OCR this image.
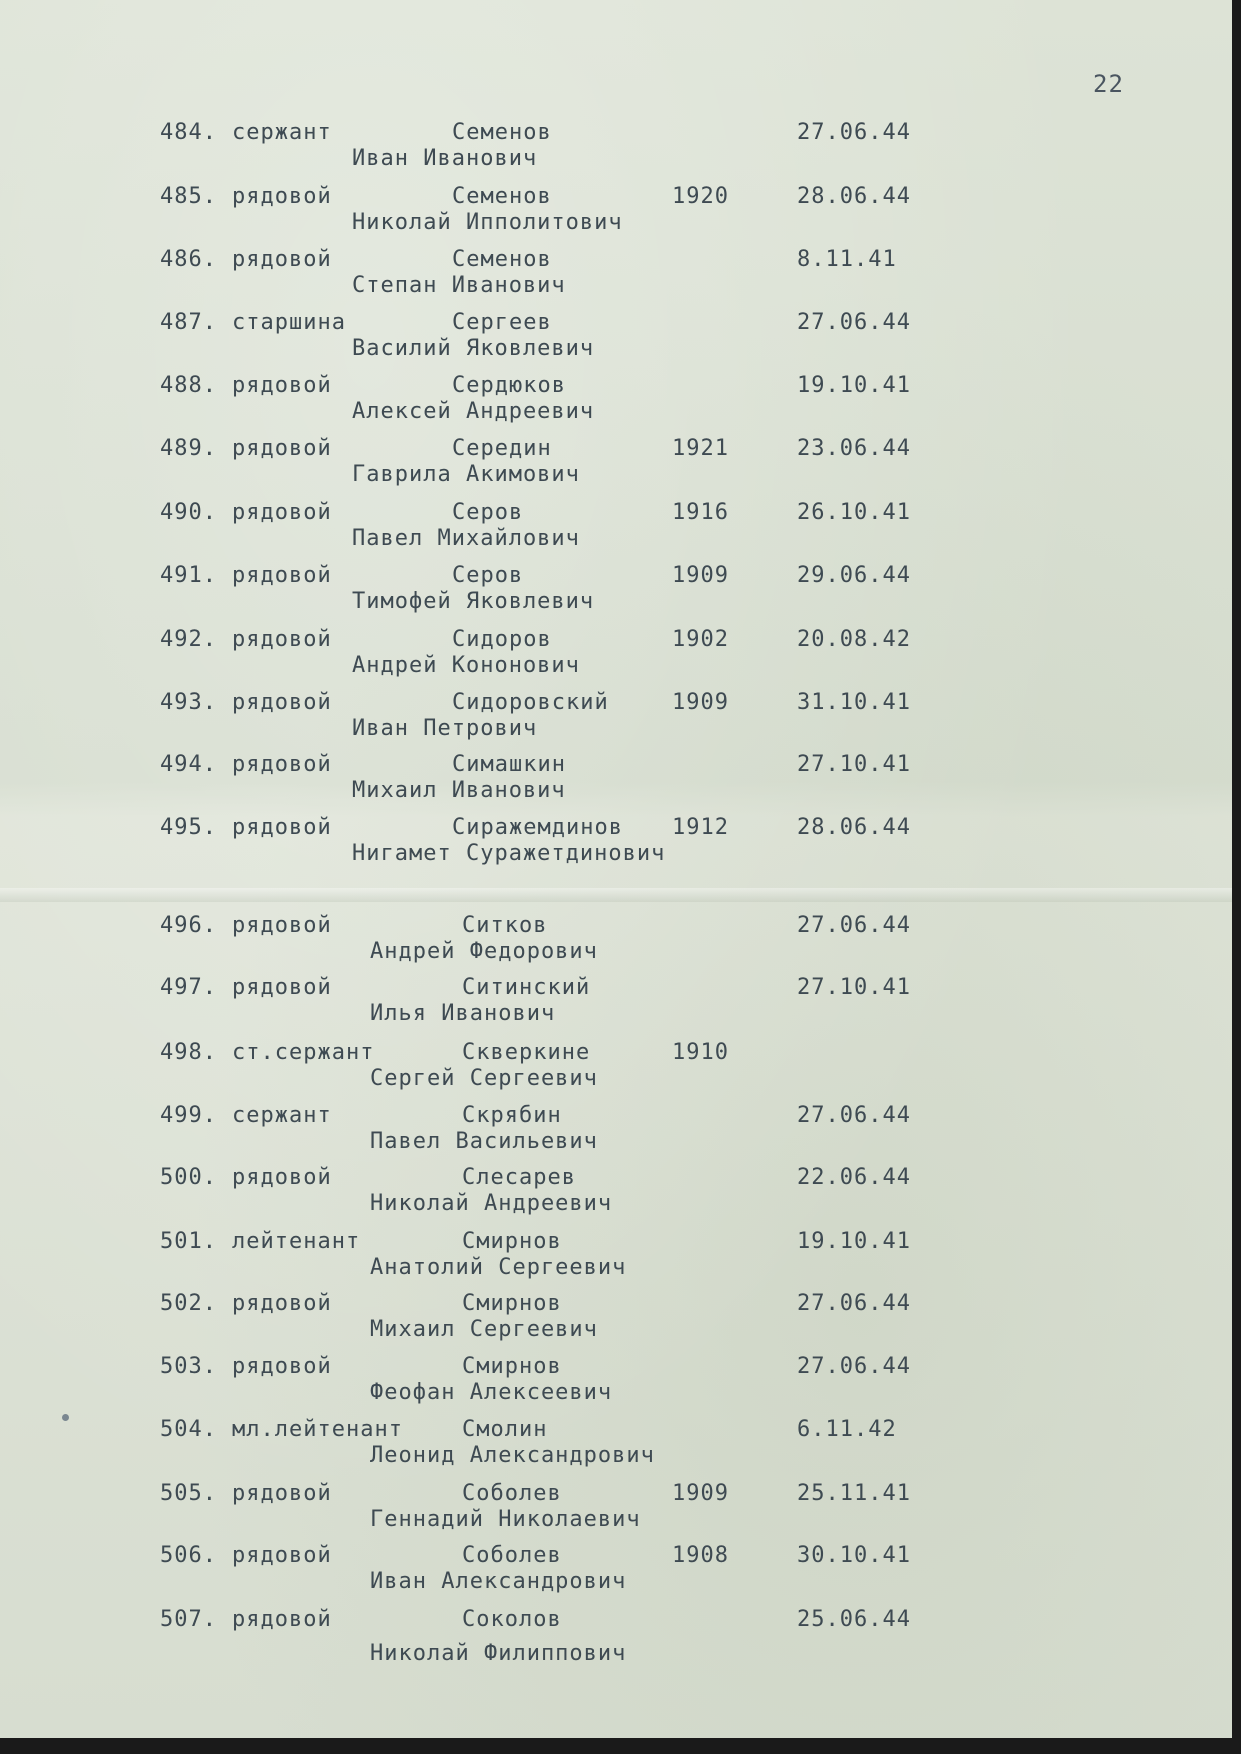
22
484. сержант	Семенов	27.06.44
Иван Иванович
485. рядовой	Семенов	1920	28.06.44
Николай Ипполитович
486. рядовой	Семенов	8.11.41
Степан Иванович
487. старшина	Сергеев	27.06.44
Василий Яковлевич
488. рядовой	Сердюков	19.10.41
Алексей Андреевич
489. рядовой	Середин	1921	23.06.44
Гаврила Акимович
490. рядовой	Серов	1916	26.10.41
Павел Михайлович
491. рядовой	Серов	1909	29.06.44
Тимофей Яковлевич
492. рядовой	Сидоров	1902	20.08.42
Андрей Кононович
493. рядовой	Сидоровский	1909	31.10.41
Иван Петрович
494. рядовой	Симашкин	27.10.41
Михаил Иванович
495. рядовой	Сиражемдинов 1912	28.06.44
Нигамет Суражетдинович
496. рядовой	Ситков	27.06.44
Андрей Федорович
497. рядовой	Ситинский	27.10.41
Илья Иванович
498. ст.сержант	Скверкине	1910
Сергей Сергеевич
499. сержант	Скрябин	27.06.44
Павел Васильевич
500. рядовой	Слесарев	22.06.44
Николай Андреевич
501. лейтенант	Смирнов	19.10.41
Анатолий Сергеевич
502. рядовой	Смирнов	27.06.44
Михаил Сергеевич
503. рядовой	Смирнов	27.06.44
Феофан Алексеевич
504. мл.лейтенант	Смолин	6.11.42
Леонид Александрович
505. рядовой	Соболев	1909	25.11.41
Геннадий Николаевич
506. рядовой	Соболев	1908	30.10.41
Иван Александрович
507. рядовой	Соколов	25.06.44
Николай Филиппович
